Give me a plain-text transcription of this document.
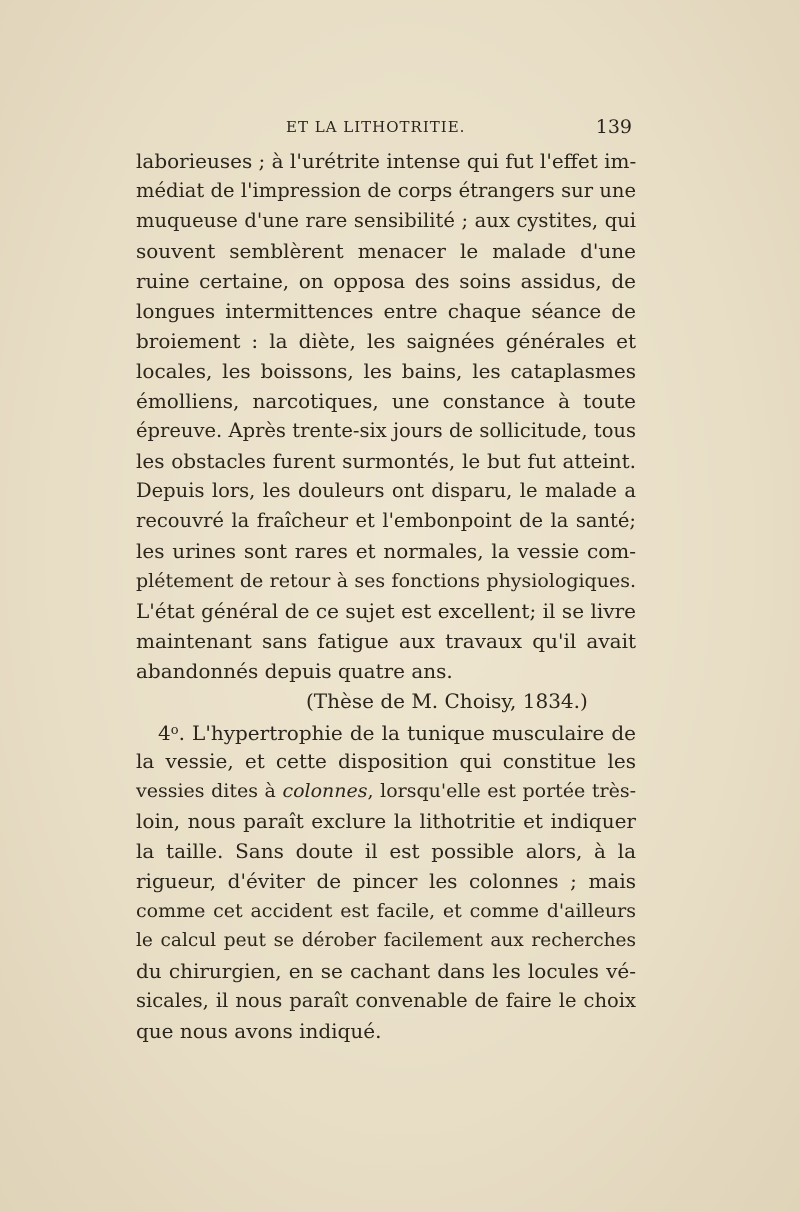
ET LA LITHOTRITIE.	139
laborieuses ; à l'urétrite intense qui fut l'effet im-
médiat de l'impression de corps étrangers sur une
muqueuse d'une rare sensibilité ; aux cystites, qui
souvent semblèrent menacer le malade d'une
ruine certaine, on opposa des soins assidus, de
longues intermittences entre chaque séance de
broiement : la diète, les saignées générales et
locales, les boissons, les bains, les cataplasmes
émolliens, narcotiques, une constance à toute
épreuve. Après trente-six jours de sollicitude, tous
les obstacles furent surmontés, le but fut atteint.
Depuis lors, les douleurs ont disparu, le malade a
recouvré la fraîcheur et l'embonpoint de la santé;
les urines sont rares et normales, la vessie com-
plétement de retour à ses fonctions physiologiques.
L'état général de ce sujet est excellent; il se livre
maintenant sans fatigue aux travaux qu'il avait
abandonnés depuis quatre ans.
(Thèse de M. Choisy, 1834.)
4$^o$. L'hypertrophie de la tunique musculaire de
la vessie, et cette disposition qui constitue les
vessies dites à colonnes, lorsqu'elle est portée très-
loin, nous paraît exclure la lithotritie et indiquer
la taille. Sans doute il est possible alors, à la
rigueur, d'éviter de pincer les colonnes ; mais
comme cet accident est facile, et comme d'ailleurs
le calcul peut se dérober facilement aux recherches
du chirurgien, en se cachant dans les locules vé-
sicales, il nous paraît convenable de faire le choix
que nous avons indiqué.
